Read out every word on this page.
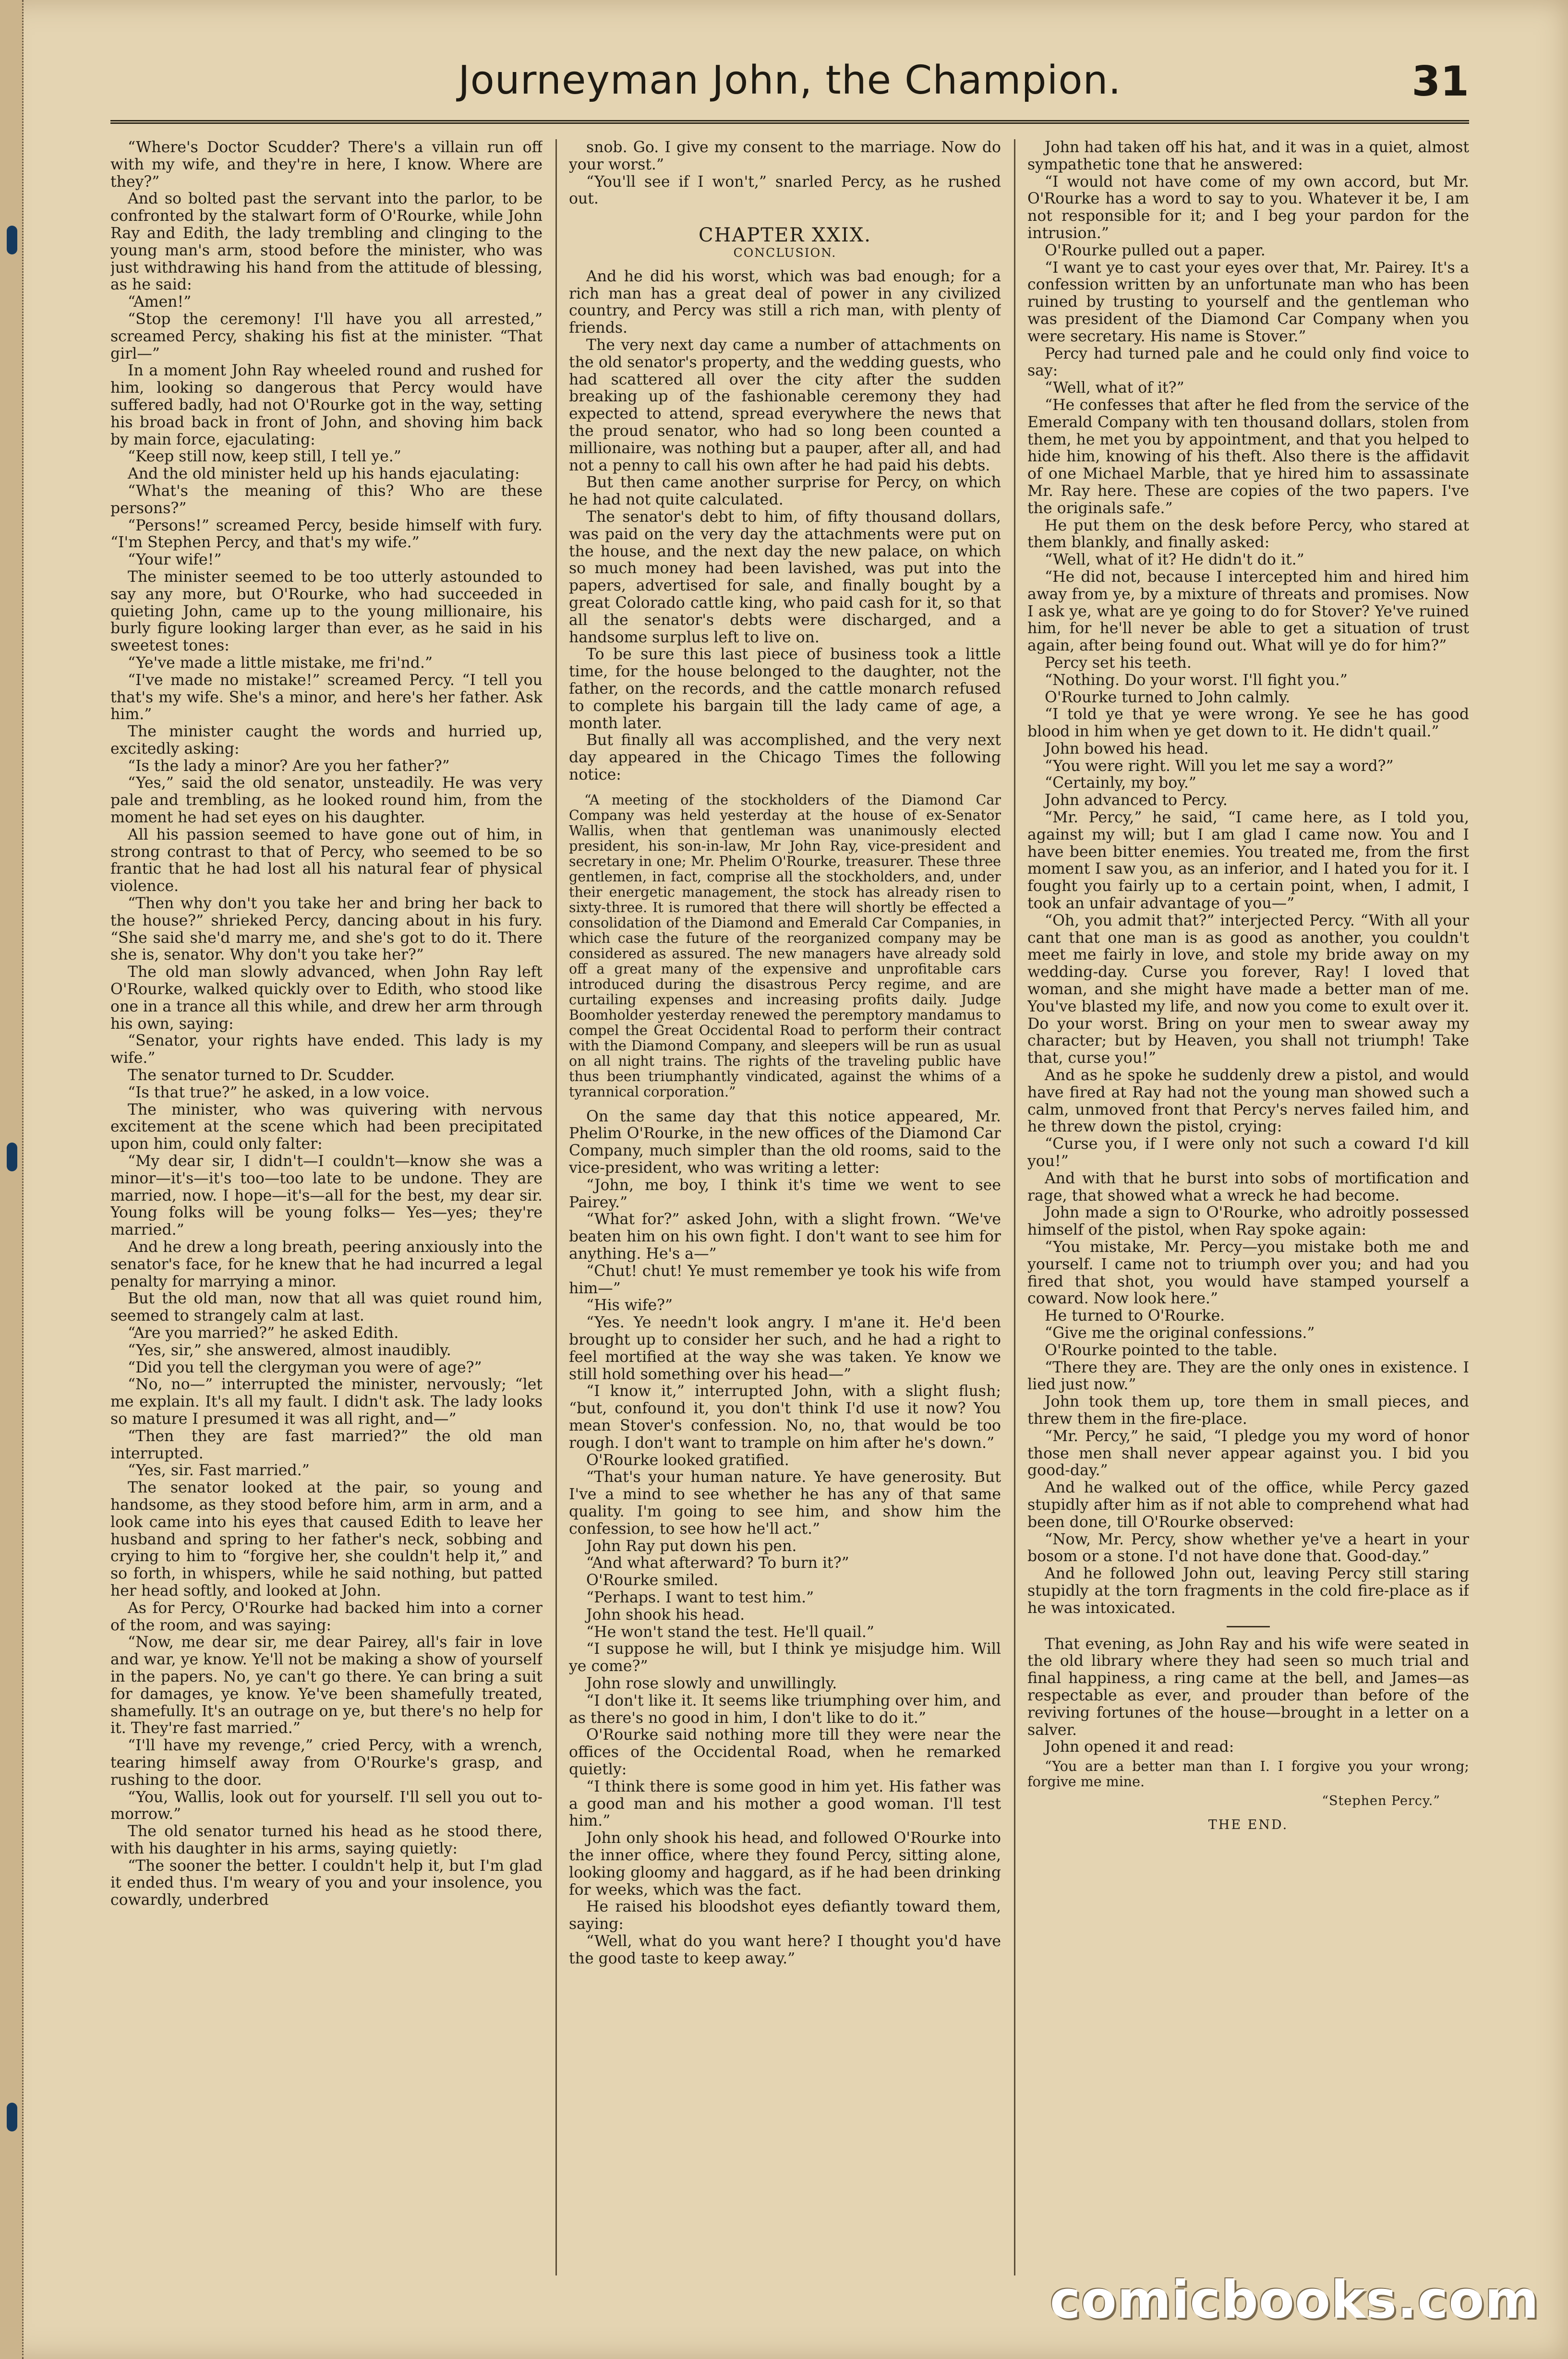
Journeyman John, the Champion.	31

“Where's Doctor Scudder? There's a villain run off with my wife, and they're in here, I know. Where are they?”

And so bolted past the servant into the parlor, to be confronted by the stalwart form of O'Rourke, while John Ray and Edith, the lady trembling and clinging to the young man's arm, stood before the minister, who was just withdrawing his hand from the attitude of blessing, as he said:

“Amen!”

“Stop the ceremony! I'll have you all arrested,” screamed Percy, shaking his fist at the minister. “That girl—”

In a moment John Ray wheeled round and rushed for him, looking so dangerous that Percy would have suffered badly, had not O'Rourke got in the way, setting his broad back in front of John, and shoving him back by main force, ejaculating:

“Keep still now, keep still, I tell ye.”

And the old minister held up his hands ejaculating:

“What's the meaning of this? Who are these persons?”

“Persons!” screamed Percy, beside himself with fury. “I'm Stephen Percy, and that's my wife.”

“Your wife!”

The minister seemed to be too utterly astounded to say any more, but O'Rourke, who had succeeded in quieting John, came up to the young millionaire, his burly figure looking larger than ever, as he said in his sweetest tones:

“Ye've made a little mistake, me fri'nd.”

“I've made no mistake!” screamed Percy. “I tell you that's my wife. She's a minor, and here's her father. Ask him.”

The minister caught the words and hurried up, excitedly asking:

“Is the lady a minor? Are you her father?”

“Yes,” said the old senator, unsteadily. He was very pale and trembling, as he looked round him, from the moment he had set eyes on his daughter.

All his passion seemed to have gone out of him, in strong contrast to that of Percy, who seemed to be so frantic that he had lost all his natural fear of physical violence.

“Then why don't you take her and bring her back to the house?” shrieked Percy, dancing about in his fury. “She said she'd marry me, and she's got to do it. There she is, senator. Why don't you take her?”

The old man slowly advanced, when John Ray left O'Rourke, walked quickly over to Edith, who stood like one in a trance all this while, and drew her arm through his own, saying:

“Senator, your rights have ended. This lady is my wife.”

The senator turned to Dr. Scudder.

“Is that true?” he asked, in a low voice.

The minister, who was quivering with nervous excitement at the scene which had been precipitated upon him, could only falter:

“My dear sir, I didn't—I couldn't—know she was a minor—it's—it's too—too late to be undone. They are married, now. I hope—it's—all for the best, my dear sir. Young folks will be young folks— Yes—yes; they're married.”

And he drew a long breath, peering anxiously into the senator's face, for he knew that he had incurred a legal penalty for marrying a minor.

But the old man, now that all was quiet round him, seemed to strangely calm at last.

“Are you married?” he asked Edith.

“Yes, sir,” she answered, almost inaudibly.

“Did you tell the clergyman you were of age?”

“No, no—” interrupted the minister, nervously; “let me explain. It's all my fault. I didn't ask. The lady looks so mature I presumed it was all right, and—”

“Then they are fast married?” the old man interrupted.

“Yes, sir. Fast married.”

The senator looked at the pair, so young and handsome, as they stood before him, arm in arm, and a look came into his eyes that caused Edith to leave her husband and spring to her father's neck, sobbing and crying to him to “forgive her, she couldn't help it,” and so forth, in whispers, while he said nothing, but patted her head softly, and looked at John.

As for Percy, O'Rourke had backed him into a corner of the room, and was saying:

“Now, me dear sir, me dear Pairey, all's fair in love and war, ye know. Ye'll not be making a show of yourself in the papers. No, ye can't go there. Ye can bring a suit for damages, ye know. Ye've been shamefully treated, shamefully. It's an outrage on ye, but there's no help for it. They're fast married.”

“I'll have my revenge,” cried Percy, with a wrench, tearing himself away from O'Rourke's grasp, and rushing to the door.

“You, Wallis, look out for yourself. I'll sell you out to-morrow.”

The old senator turned his head as he stood there, with his daughter in his arms, saying quietly:

“The sooner the better. I couldn't help it, but I'm glad it ended thus. I'm weary of you and your insolence, you cowardly, underbred

snob. Go. I give my consent to the marriage. Now do your worst.”

“You'll see if I won't,” snarled Percy, as he rushed out.

CHAPTER XXIX.

CONCLUSION.

And he did his worst, which was bad enough; for a rich man has a great deal of power in any civilized country, and Percy was still a rich man, with plenty of friends.

The very next day came a number of attachments on the old senator's property, and the wedding guests, who had scattered all over the city after the sudden breaking up of the fashionable ceremony they had expected to attend, spread everywhere the news that the proud senator, who had so long been counted a millionaire, was nothing but a pauper, after all, and had not a penny to call his own after he had paid his debts.

But then came another surprise for Percy, on which he had not quite calculated.

The senator's debt to him, of fifty thousand dollars, was paid on the very day the attachments were put on the house, and the next day the new palace, on which so much money had been lavished, was put into the papers, advertised for sale, and finally bought by a great Colorado cattle king, who paid cash for it, so that all the senator's debts were discharged, and a handsome surplus left to live on.

To be sure this last piece of business took a little time, for the house belonged to the daughter, not the father, on the records, and the cattle monarch refused to complete his bargain till the lady came of age, a month later.

But finally all was accomplished, and the very next day appeared in the Chicago Times the following notice:

“A meeting of the stockholders of the Diamond Car Company was held yesterday at the house of ex-Senator Wallis, when that gentleman was unanimously elected president, his son-in-law, Mr John Ray, vice-president and secretary in one; Mr. Phelim O'Rourke, treasurer. These three gentlemen, in fact, comprise all the stockholders, and, under their energetic management, the stock has already risen to sixty-three. It is rumored that there will shortly be effected a consolidation of the Diamond and Emerald Car Companies, in which case the future of the reorganized company may be considered as assured. The new managers have already sold off a great many of the expensive and unprofitable cars introduced during the disastrous Percy regime, and are curtailing expenses and increasing profits daily. Judge Boomholder yesterday renewed the peremptory mandamus to compel the Great Occidental Road to perform their contract with the Diamond Company, and sleepers will be run as usual on all night trains. The rights of the traveling public have thus been triumphantly vindicated, against the whims of a tyrannical corporation.”

On the same day that this notice appeared, Mr. Phelim O'Rourke, in the new offices of the Diamond Car Company, much simpler than the old rooms, said to the vice-president, who was writing a letter:

“John, me boy, I think it's time we went to see Pairey.”

“What for?” asked John, with a slight frown. “We've beaten him on his own fight. I don't want to see him for anything. He's a—”

“Chut! chut! Ye must remember ye took his wife from him—”

“His wife?”

“Yes. Ye needn't look angry. I m'ane it. He'd been brought up to consider her such, and he had a right to feel mortified at the way she was taken. Ye know we still hold something over his head—”

“I know it,” interrupted John, with a slight flush; “but, confound it, you don't think I'd use it now? You mean Stover's confession. No, no, that would be too rough. I don't want to trample on him after he's down.”

O'Rourke looked gratified.

“That's your human nature. Ye have generosity. But I've a mind to see whether he has any of that same quality. I'm going to see him, and show him the confession, to see how he'll act.”

John Ray put down his pen.

“And what afterward? To burn it?”

O'Rourke smiled.

“Perhaps. I want to test him.”

John shook his head.

“He won't stand the test. He'll quail.”

“I suppose he will, but I think ye misjudge him. Will ye come?”

John rose slowly and unwillingly.

“I don't like it. It seems like triumphing over him, and as there's no good in him, I don't like to do it.”

O'Rourke said nothing more till they were near the offices of the Occidental Road, when he remarked quietly:

“I think there is some good in him yet. His father was a good man and his mother a good woman. I'll test him.”

John only shook his head, and followed O'Rourke into the inner office, where they found Percy, sitting alone, looking gloomy and haggard, as if he had been drinking for weeks, which was the fact.

He raised his bloodshot eyes defiantly toward them, saying:

“Well, what do you want here? I thought you'd have the good taste to keep away.”

John had taken off his hat, and it was in a quiet, almost sympathetic tone that he answered:

“I would not have come of my own accord, but Mr. O'Rourke has a word to say to you. Whatever it be, I am not responsible for it; and I beg your pardon for the intrusion.”

O'Rourke pulled out a paper.

“I want ye to cast your eyes over that, Mr. Pairey. It's a confession written by an unfortunate man who has been ruined by trusting to yourself and the gentleman who was president of the Diamond Car Company when you were secretary. His name is Stover.”

Percy had turned pale and he could only find voice to say:

“Well, what of it?”

“He confesses that after he fled from the service of the Emerald Company with ten thousand dollars, stolen from them, he met you by appointment, and that you helped to hide him, knowing of his theft. Also there is the affidavit of one Michael Marble, that ye hired him to assassinate Mr. Ray here. These are copies of the two papers. I've the originals safe.”

He put them on the desk before Percy, who stared at them blankly, and finally asked:

“Well, what of it? He didn't do it.”

“He did not, because I intercepted him and hired him away from ye, by a mixture of threats and promises. Now I ask ye, what are ye going to do for Stover? Ye've ruined him, for he'll never be able to get a situation of trust again, after being found out. What will ye do for him?”

Percy set his teeth.

“Nothing. Do your worst. I'll fight you.”

O'Rourke turned to John calmly.

“I told ye that ye were wrong. Ye see he has good blood in him when ye get down to it. He didn't quail.”

John bowed his head.

“You were right. Will you let me say a word?”

“Certainly, my boy.”

John advanced to Percy.

“Mr. Percy,” he said, “I came here, as I told you, against my will; but I am glad I came now. You and I have been bitter enemies. You treated me, from the first moment I saw you, as an inferior, and I hated you for it. I fought you fairly up to a certain point, when, I admit, I took an unfair advantage of you—”

“Oh, you admit that?” interjected Percy. “With all your cant that one man is as good as another, you couldn't meet me fairly in love, and stole my bride away on my wedding-day. Curse you forever, Ray! I loved that woman, and she might have made a better man of me. You've blasted my life, and now you come to exult over it. Do your worst. Bring on your men to swear away my character; but by Heaven, you shall not triumph! Take that, curse you!”

And as he spoke he suddenly drew a pistol, and would have fired at Ray had not the young man showed such a calm, unmoved front that Percy's nerves failed him, and he threw down the pistol, crying:

“Curse you, if I were only not such a coward I'd kill you!”

And with that he burst into sobs of mortification and rage, that showed what a wreck he had become.

John made a sign to O'Rourke, who adroitly possessed himself of the pistol, when Ray spoke again:

“You mistake, Mr. Percy—you mistake both me and yourself. I came not to triumph over you; and had you fired that shot, you would have stamped yourself a coward. Now look here.”

He turned to O'Rourke.

“Give me the original confessions.”

O'Rourke pointed to the table.

“There they are. They are the only ones in existence. I lied just now.”

John took them up, tore them in small pieces, and threw them in the fire-place.

“Mr. Percy,” he said, “I pledge you my word of honor those men shall never appear against you. I bid you good-day.”

And he walked out of the office, while Percy gazed stupidly after him as if not able to comprehend what had been done, till O'Rourke observed:

“Now, Mr. Percy, show whether ye've a heart in your bosom or a stone. I'd not have done that. Good-day.”

And he followed John out, leaving Percy still staring stupidly at the torn fragments in the cold fire-place as if he was intoxicated.

That evening, as John Ray and his wife were seated in the old library where they had seen so much trial and final happiness, a ring came at the bell, and James—as respectable as ever, and prouder than before of the reviving fortunes of the house—brought in a letter on a salver.

John opened it and read:

“You are a better man than I. I forgive you your wrong; forgive me mine.

“Stephen Percy.”

THE END.

comicbooks.com
